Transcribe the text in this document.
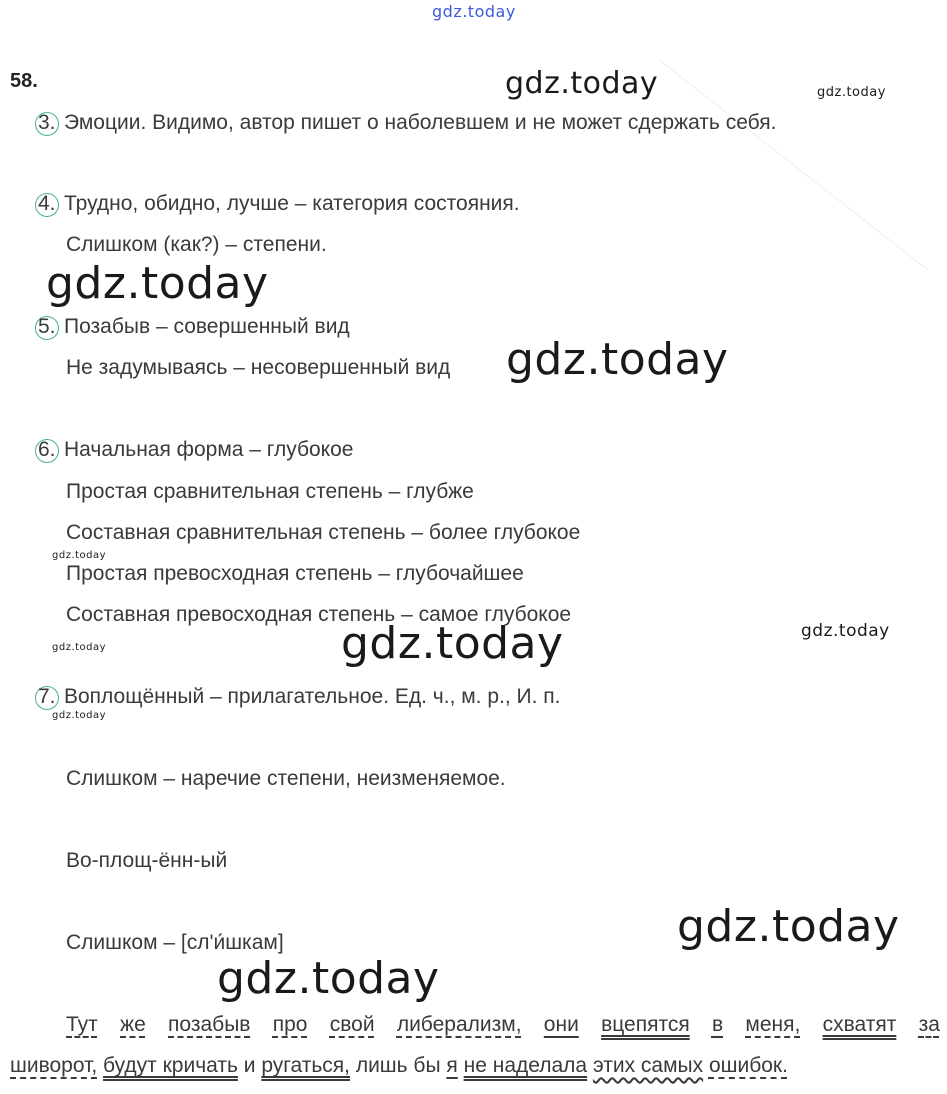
gdz.today
gdz.today	gdz.today
gdz.today
gdz.today
gdz.today
gdz.today
gdz.today
gdz.today
gdz.today
gdz.today
gdz.today
58.
3. Эмоции. Видимо, автор пишет о наболевшем и не может сдержать себя.
4. Трудно, обидно, лучше – категория состояния.
Слишком (как?) – степени.
5. Позабыв – совершенный вид
Не задумываясь – несовершенный вид
6. Начальная форма – глубокое
Простая сравнительная степень – глубже
Составная сравнительная степень – более глубокое
Простая превосходная степень – глубочайшее
Составная превосходная степень – самое глубокое
7. Воплощённый – прилагательное. Ед. ч., м. р., И. п.
Слишком – наречие степени, неизменяемое.
Во-площ-ённ-ый
Слишком – [сл'и́шкам]
Тут же позабыв про свой либерализм, они вцепятся в меня, схватят за
шиворот, будут кричать и ругаться, лишь бы я не наделала этих самых ошибок.
